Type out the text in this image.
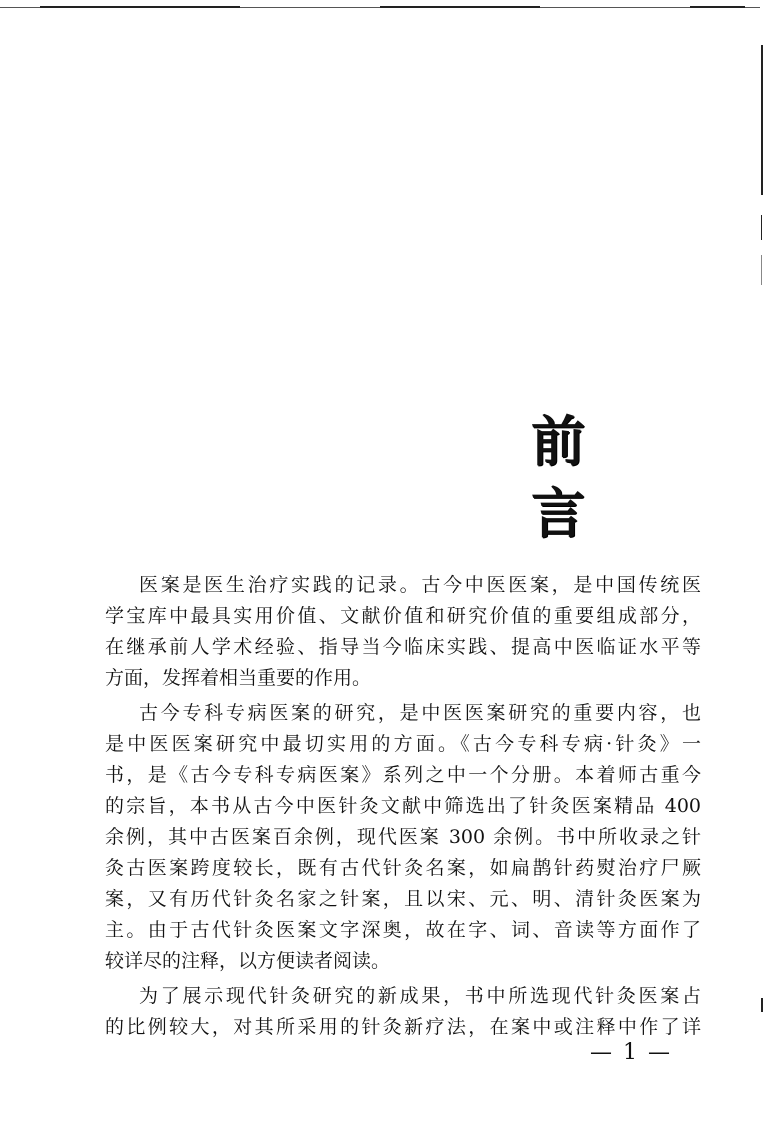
前
言
医案是医生治疗实践的记录。古今中医医案，是中国传统医
学宝库中最具实用价值、文献价值和研究价值的重要组成部分，
在继承前人学术经验、指导当今临床实践、提高中医临证水平等
方面，发挥着相当重要的作用。
古今专科专病医案的研究，是中医医案研究的重要内容，也
是中医医案研究中最切实用的方面。《古今专科专病·针灸》一
书，是《古今专科专病医案》系列之中一个分册。本着师古重今
的宗旨，本书从古今中医针灸文献中筛选出了针灸医案精品 400
余例，其中古医案百余例，现代医案 300 余例。书中所收录之针
灸古医案跨度较长，既有古代针灸名案，如扁鹊针药熨治疗尸厥
案，又有历代针灸名家之针案，且以宋、元、明、清针灸医案为
主。由于古代针灸医案文字深奥，故在字、词、音读等方面作了
较详尽的注释，以方便读者阅读。
为了展示现代针灸研究的新成果，书中所选现代针灸医案占
的比例较大，对其所采用的针灸新疗法，在案中或注释中作了详
— 1 —
